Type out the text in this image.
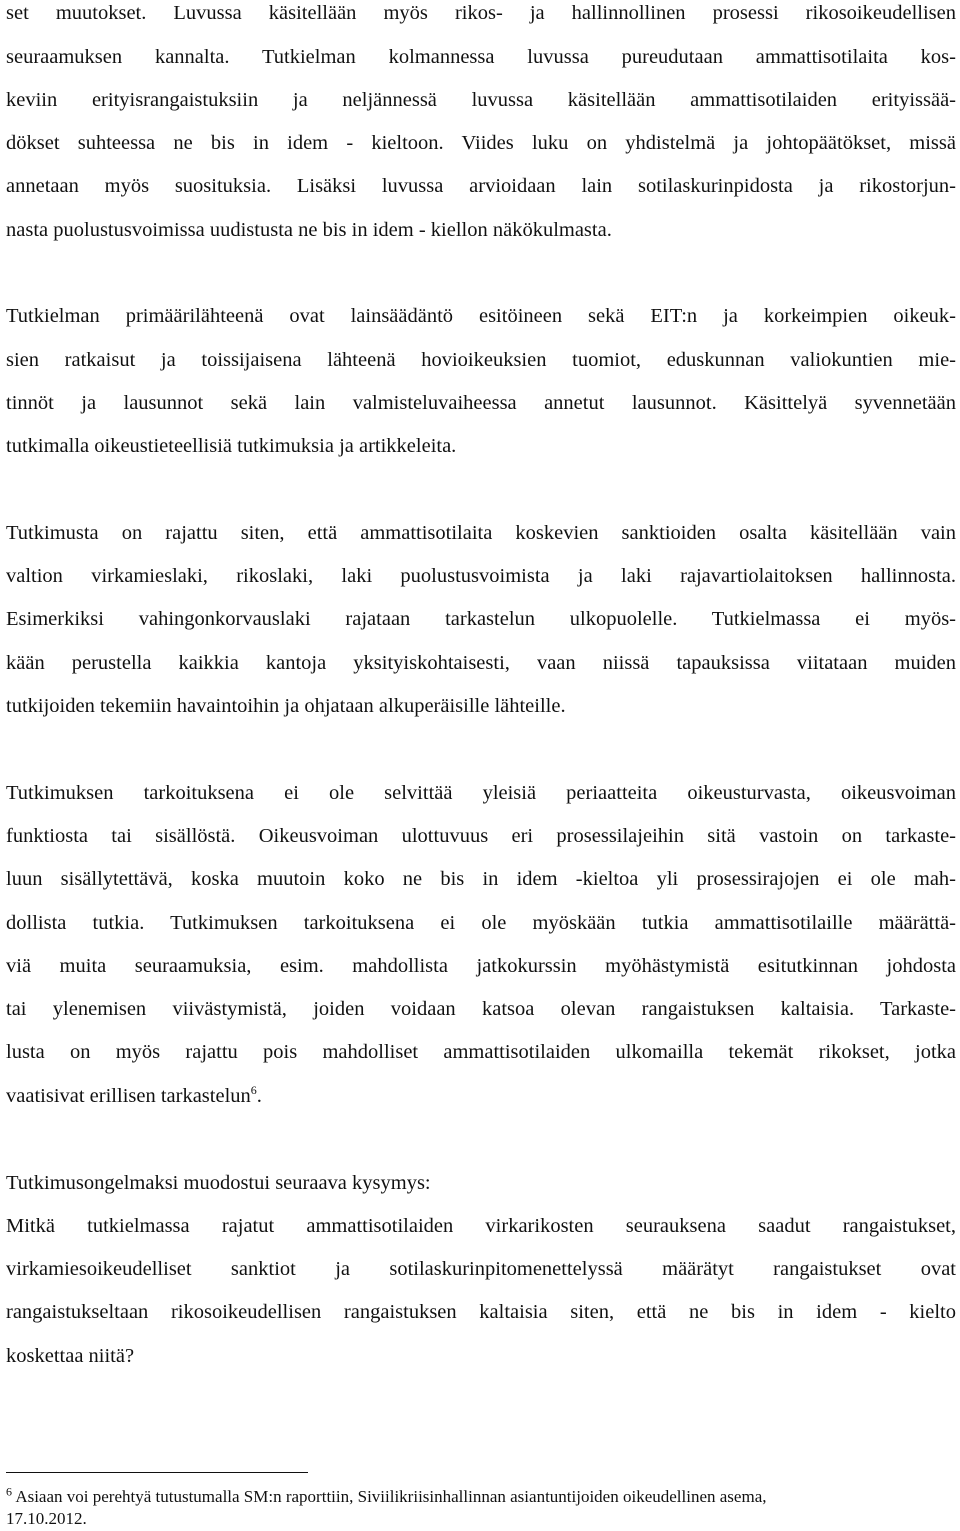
set muutokset. Luvussa käsitellään myös rikos- ja hallinnollinen prosessi rikosoikeudellisen
seuraamuksen kannalta. Tutkielman kolmannessa luvussa pureudutaan ammattisotilaita kos-
keviin erityisrangaistuksiin ja neljännessä luvussa käsitellään ammattisotilaiden erityissää-
dökset suhteessa ne bis in idem - kieltoon. Viides luku on yhdistelmä ja johtopäätökset, missä
annetaan myös suosituksia. Lisäksi luvussa arvioidaan lain sotilaskurinpidosta ja rikostorjun-
nasta puolustusvoimissa uudistusta ne bis in idem - kiellon näkökulmasta.
Tutkielman primäärilähteenä ovat lainsäädäntö esitöineen sekä EIT:n ja korkeimpien oikeuk-
sien ratkaisut ja toissijaisena lähteenä hovioikeuksien tuomiot, eduskunnan valiokuntien mie-
tinnöt ja lausunnot sekä lain valmisteluvaiheessa annetut lausunnot. Käsittelyä syvennetään
tutkimalla oikeustieteellisiä tutkimuksia ja artikkeleita.
Tutkimusta on rajattu siten, että ammattisotilaita koskevien sanktioiden osalta käsitellään vain
valtion virkamieslaki, rikoslaki, laki puolustusvoimista ja laki rajavartiolaitoksen hallinnosta.
Esimerkiksi vahingonkorvauslaki rajataan tarkastelun ulkopuolelle. Tutkielmassa ei myös-
kään perustella kaikkia kantoja yksityiskohtaisesti, vaan niissä tapauksissa viitataan muiden
tutkijoiden tekemiin havaintoihin ja ohjataan alkuperäisille lähteille.
Tutkimuksen tarkoituksena ei ole selvittää yleisiä periaatteita oikeusturvasta, oikeusvoiman
funktiosta tai sisällöstä. Oikeusvoiman ulottuvuus eri prosessilajeihin sitä vastoin on tarkaste-
luun sisällytettävä, koska muutoin koko ne bis in idem -kieltoa yli prosessirajojen ei ole mah-
dollista tutkia. Tutkimuksen tarkoituksena ei ole myöskään tutkia ammattisotilaille määrättä-
viä muita seuraamuksia, esim. mahdollista jatkokurssin myöhästymistä esitutkinnan johdosta
tai ylenemisen viivästymistä, joiden voidaan katsoa olevan rangaistuksen kaltaisia. Tarkaste-
lusta on myös rajattu pois mahdolliset ammattisotilaiden ulkomailla tekemät rikokset, jotka
vaatisivat erillisen tarkastelun$^6$.
Tutkimusongelmaksi muodostui seuraava kysymys:
Mitkä tutkielmassa rajatut ammattisotilaiden virkarikosten seurauksena saadut rangaistukset,
virkamiesoikeudelliset sanktiot ja sotilaskurinpitomenettelyssä määrätyt rangaistukset ovat
rangaistukseltaan rikosoikeudellisen rangaistuksen kaltaisia siten, että ne bis in idem - kielto
koskettaa niitä?
$^6$ Asiaan voi perehtyä tutustumalla SM:n raporttiin, Siviilikriisinhallinnan asiantuntijoiden oikeudellinen asema,
17.10.2012.
